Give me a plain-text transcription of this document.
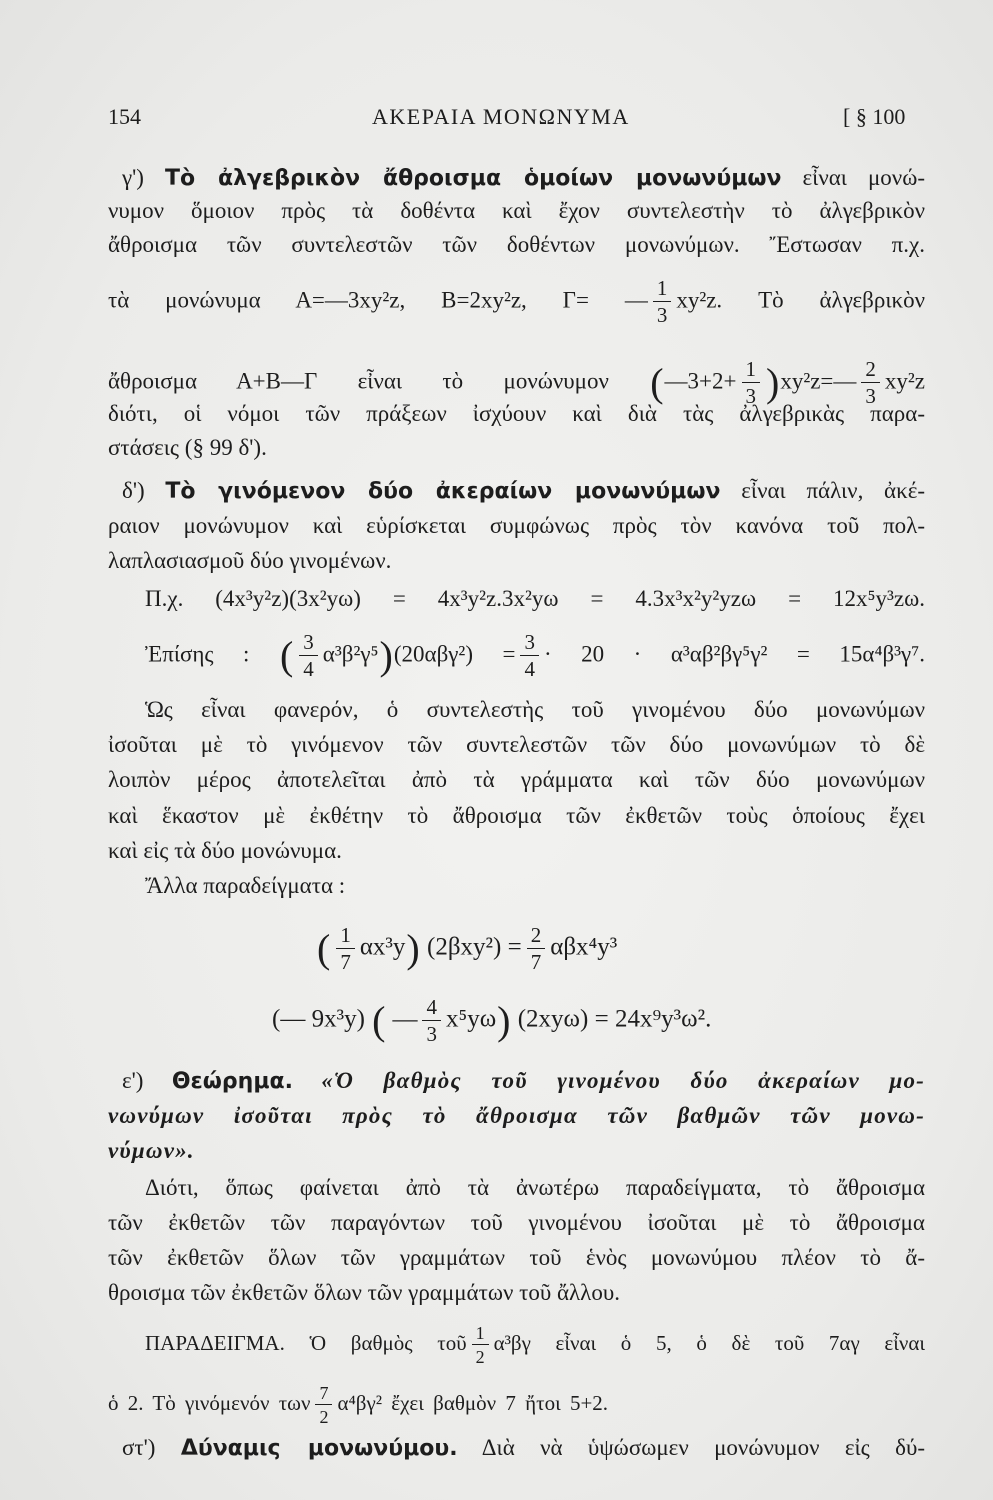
154	ΑΚΕΡΑΙΑ ΜΟΝΩΝΥΜΑ	[ § 100
γ') Τὸ ἀλγεβρικὸν ἄθροισμα ὁμοίων μονωνύμων εἶναι μονώ-
νυμον ὅμοιον πρὸς τὰ δοθέντα καὶ ἔχον συντελεστὴν τὸ ἀλγεβρικὸν
ἄθροισμα τῶν συντελεστῶν τῶν δοθέντων μονωνύμων. Ἔστωσαν π.χ.
τὰ μονώνυμα Α=—3xy²z, Β=2xy²z, Γ= — $\frac{1}{3} xy^2z$. Τὸ ἀλγεβρικὸν
ἄθροισμα Α+Β—Γ εἶναι τὸ μονώνυμον (—3+2+ $\frac{1}{3}$ )xy²z=— $\frac{2}{3} xy^2z$
διότι, οἱ νόμοι τῶν πράξεων ἰσχύουν καὶ διὰ τὰς ἀλγεβρικὰς παρα-
στάσεις (§ 99 δ').
δ') Τὸ γινόμενον δύο ἀκεραίων μονωνύμων εἶναι πάλιν, ἀκέ-
ραιον μονώνυμον καὶ εὑρίσκεται συμφώνως πρὸς τὸν κανόνα τοῦ πολ-
λαπλασιασμοῦ δύο γινομένων.
Π.χ. (4x³y²z)(3x²yω) = 4x³y²z.3x²yω = 4.3x³x²y²yzω = 12x⁵y³zω.
Ἐπίσης : ( $\frac{3}{4} \alpha^3\beta^2\gamma^5)(20\alpha\beta\gamma^2) = \frac{3}{4} \cdot 20 \cdot \alpha^3\alpha\beta^2\beta\gamma^5\gamma^2 = 15\alpha^4\beta^3\gamma^7$.
Ὡς εἶναι φανερόν, ὁ συντελεστὴς τοῦ γινομένου δύο μονωνύμων
ἰσοῦται μὲ τὸ γινόμενον τῶν συντελεστῶν τῶν δύο μονωνύμων τὸ δὲ
λοιπὸν μέρος ἀποτελεῖται ἀπὸ τὰ γράμματα καὶ τῶν δύο μονωνύμων
καὶ ἕκαστον μὲ ἐκθέτην τὸ ἄθροισμα τῶν ἐκθετῶν τοὺς ὁποίους ἔχει
καὶ εἰς τὰ δύο μονώνυμα.
Ἄλλα παραδείγματα :
( $\frac{1}{7} \alpha x^3y$) $(2\beta xy^2) = \frac{2}{7} \alpha\beta x^4y^3$
(— 9x³y) ( — $\frac{4}{3} x^5y\omega$) (2xyω) = 24x⁹y³ω².
ε') Θεώρημα. «Ὁ βαθμὸς τοῦ γινομένου δύο ἀκεραίων μο-
νωνύμων ἰσοῦται πρὸς τὸ ἄθροισμα τῶν βαθμῶν τῶν μονω-
νύμων».
Διότι, ὅπως φαίνεται ἀπὸ τὰ ἀνωτέρω παραδείγματα, τὸ ἄθροισμα
τῶν ἐκθετῶν τῶν παραγόντων τοῦ γινομένου ἰσοῦται μὲ τὸ ἄθροισμα
τῶν ἐκθετῶν ὅλων τῶν γραμμάτων τοῦ ἑνὸς μονωνύμου πλέον τὸ ἄ-
θροισμα τῶν ἐκθετῶν ὅλων τῶν γραμμάτων τοῦ ἄλλου.
ΠΑΡΑΔΕΙΓΜΑ. Ὁ βαθμὸς τοῦ $\frac{1}{2} \alpha^3\beta\gamma$ εἶναι ὁ 5, ὁ δὲ τοῦ 7αγ εἶναι
ὁ 2. Τὸ γινόμενόν των $\frac{7}{2} \alpha^4\beta\gamma^2$ ἔχει βαθμὸν 7 ἤτοι 5+2.
στ') Δύναμις μονωνύμου. Διὰ νὰ ὑψώσωμεν μονώνυμον εἰς δύ-
